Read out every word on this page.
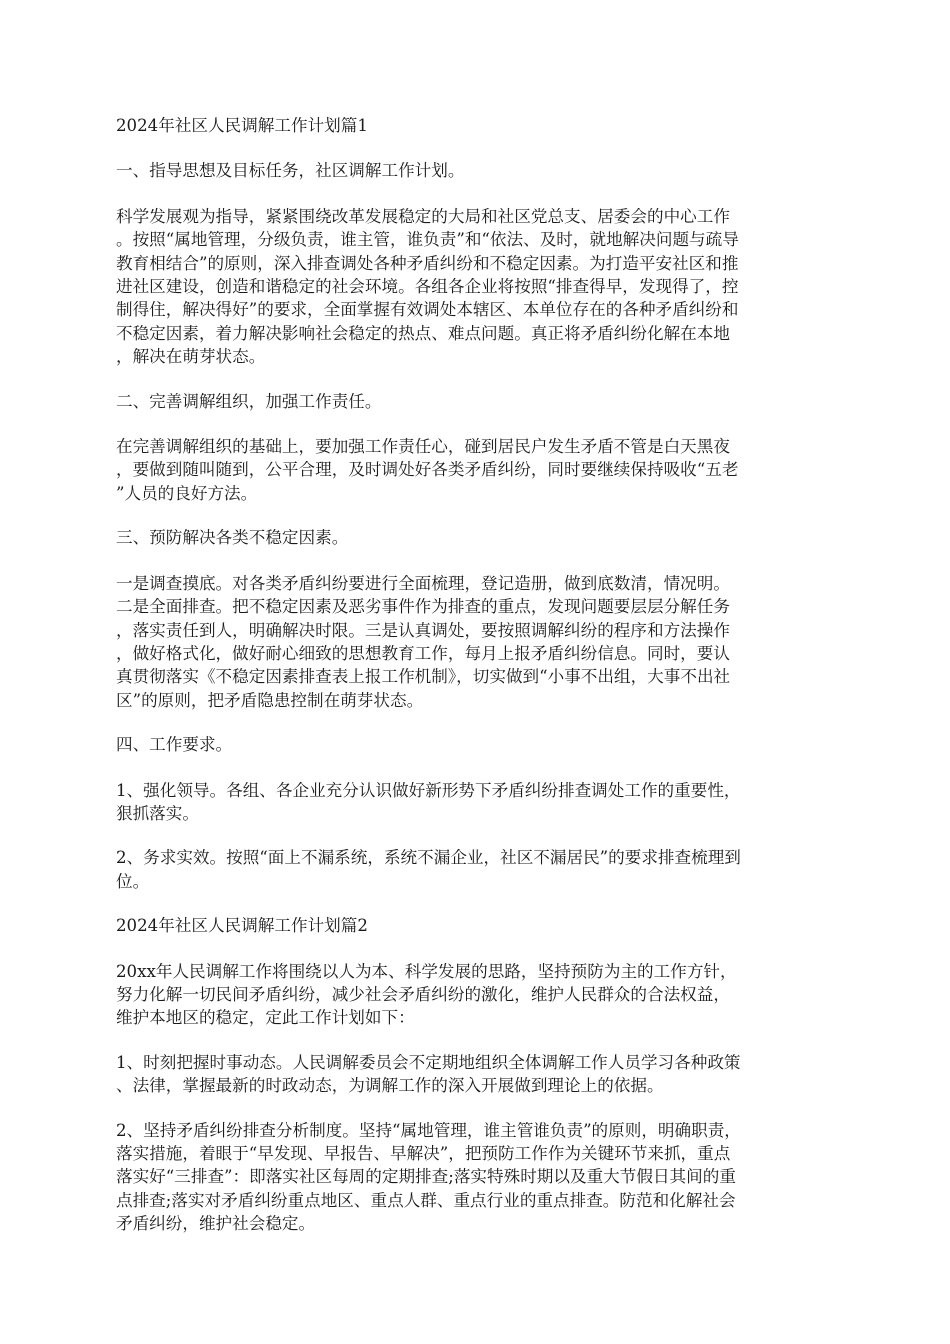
2024年社区人民调解工作计划篇1

一、指导思想及目标任务，社区调解工作计划。

科学发展观为指导，紧紧围绕改革发展稳定的大局和社区党总支、居委会的中心工作
。按照“属地管理，分级负责，谁主管，谁负责”和“依法、及时，就地解决问题与疏导
教育相结合”的原则，深入排查调处各种矛盾纠纷和不稳定因素。为打造平安社区和推
进社区建设，创造和谐稳定的社会环境。各组各企业将按照“排查得早，发现得了，控
制得住，解决得好”的要求，全面掌握有效调处本辖区、本单位存在的各种矛盾纠纷和
不稳定因素，着力解决影响社会稳定的热点、难点问题。真正将矛盾纠纷化解在本地
，解决在萌芽状态。

二、完善调解组织，加强工作责任。

在完善调解组织的基础上，要加强工作责任心，碰到居民户发生矛盾不管是白天黑夜
，要做到随叫随到，公平合理，及时调处好各类矛盾纠纷，同时要继续保持吸收“五老
”人员的良好方法。

三、预防解决各类不稳定因素。

一是调查摸底。对各类矛盾纠纷要进行全面梳理，登记造册，做到底数清，情况明。
二是全面排查。把不稳定因素及恶劣事件作为排查的重点，发现问题要层层分解任务
，落实责任到人，明确解决时限。三是认真调处，要按照调解纠纷的程序和方法操作
，做好格式化，做好耐心细致的思想教育工作，每月上报矛盾纠纷信息。同时，要认
真贯彻落实《不稳定因素排查表上报工作机制》，切实做到“小事不出组，大事不出社
区”的原则，把矛盾隐患控制在萌芽状态。

四、工作要求。

1、强化领导。各组、各企业充分认识做好新形势下矛盾纠纷排查调处工作的重要性，
狠抓落实。

2、务求实效。按照“面上不漏系统，系统不漏企业，社区不漏居民”的要求排查梳理到
位。

2024年社区人民调解工作计划篇2

20xx年人民调解工作将围绕以人为本、科学发展的思路，坚持预防为主的工作方针，
努力化解一切民间矛盾纠纷，减少社会矛盾纠纷的激化，维护人民群众的合法权益，
维护本地区的稳定，定此工作计划如下：

1、时刻把握时事动态。人民调解委员会不定期地组织全体调解工作人员学习各种政策
、法律，掌握最新的时政动态，为调解工作的深入开展做到理论上的依据。

2、坚持矛盾纠纷排查分析制度。坚持“属地管理，谁主管谁负责”的原则，明确职责，
落实措施，着眼于“早发现、早报告、早解决”，把预防工作作为关键环节来抓，重点
落实好“三排查”：即落实社区每周的定期排查;落实特殊时期以及重大节假日其间的重
点排查;落实对矛盾纠纷重点地区、重点人群、重点行业的重点排查。防范和化解社会
矛盾纠纷，维护社会稳定。
